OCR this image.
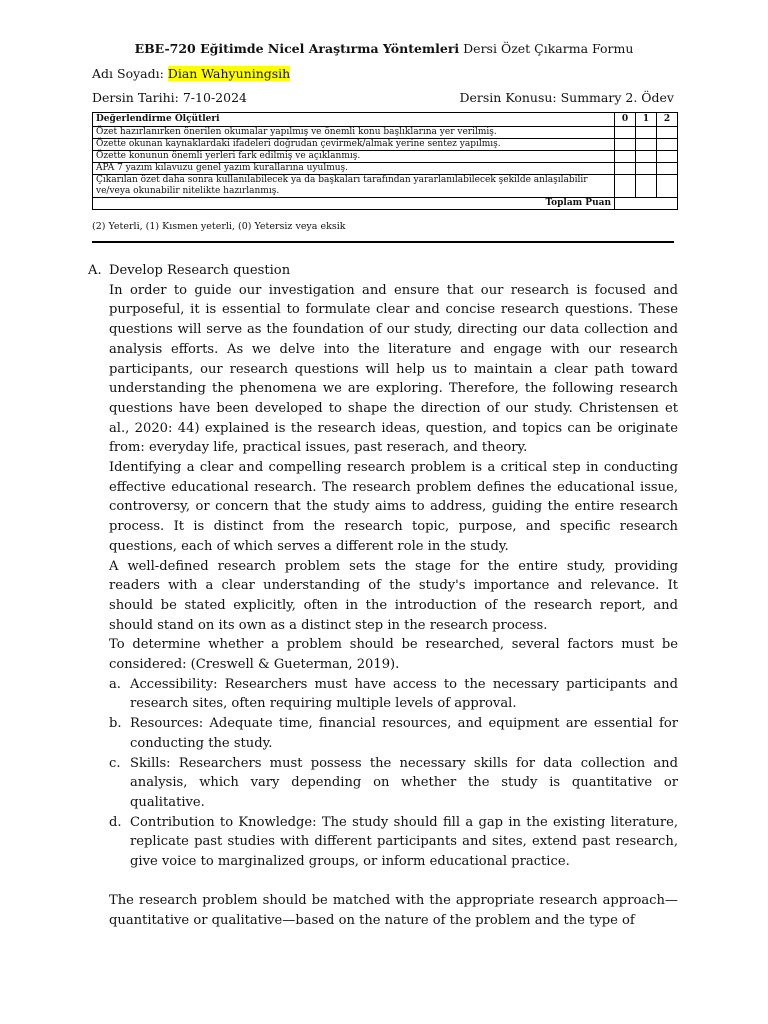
EBE-720 Eğitimde Nicel Araştırma Yöntemleri Dersi Özet Çıkarma Formu
Adı Soyadı: Dian Wahyuningsih
Dersin Tarihi: 7-10-2024	Dersin Konusu: Summary 2. Ödev
Değerlendirme Ölçütleri	0	1	2
Özet hazırlanırken önerilen okumalar yapılmış ve önemli konu başlıklarına yer verilmiş.			
Özette okunan kaynaklardaki ifadeleri doğrudan çevirmek/almak yerine sentez yapılmış.			
Özette konunun önemli yerleri fark edilmiş ve açıklanmış.			
APA 7 yazım kılavuzu genel yazım kurallarına uyulmuş.			
Çıkarılan özet daha sonra kullanılabilecek ya da başkaları tarafından yararlanılabilecek şekilde anlaşılabilir ve/veya okunabilir nitelikte hazırlanmış.			
Toplam Puan			
(2) Yeterli, (1) Kısmen yeterli, (0) Yetersiz veya eksik
A. Develop Research question

In order to guide our investigation and ensure that our research is focused and purposeful, it is essential to formulate clear and concise research questions. These questions will serve as the foundation of our study, directing our data collection and analysis efforts. As we delve into the literature and engage with our research participants, our research questions will help us to maintain a clear path toward understanding the phenomena we are exploring. Therefore, the following research questions have been developed to shape the direction of our study. Christensen et al., 2020: 44) explained is the research ideas, question, and topics can be originate from: everyday life, practical issues, past reserach, and theory.

Identifying a clear and compelling research problem is a critical step in conducting effective educational research. The research problem defines the educational issue, controversy, or concern that the study aims to address, guiding the entire research process. It is distinct from the research topic, purpose, and specific research questions, each of which serves a different role in the study.

A well-defined research problem sets the stage for the entire study, providing readers with a clear understanding of the study's importance and relevance. It should be stated explicitly, often in the introduction of the research report, and should stand on its own as a distinct step in the research process.

To determine whether a problem should be researched, several factors must be considered: (Creswell & Gueterman, 2019).

a. Accessibility: Researchers must have access to the necessary participants and research sites, often requiring multiple levels of approval.
b. Resources: Adequate time, financial resources, and equipment are essential for conducting the study.
c. Skills: Researchers must possess the necessary skills for data collection and analysis, which vary depending on whether the study is quantitative or qualitative.
d. Contribution to Knowledge: The study should fill a gap in the existing literature, replicate past studies with different participants and sites, extend past research, give voice to marginalized groups, or inform educational practice.

The research problem should be matched with the appropriate research approach—quantitative or qualitative—based on the nature of the problem and the type of
